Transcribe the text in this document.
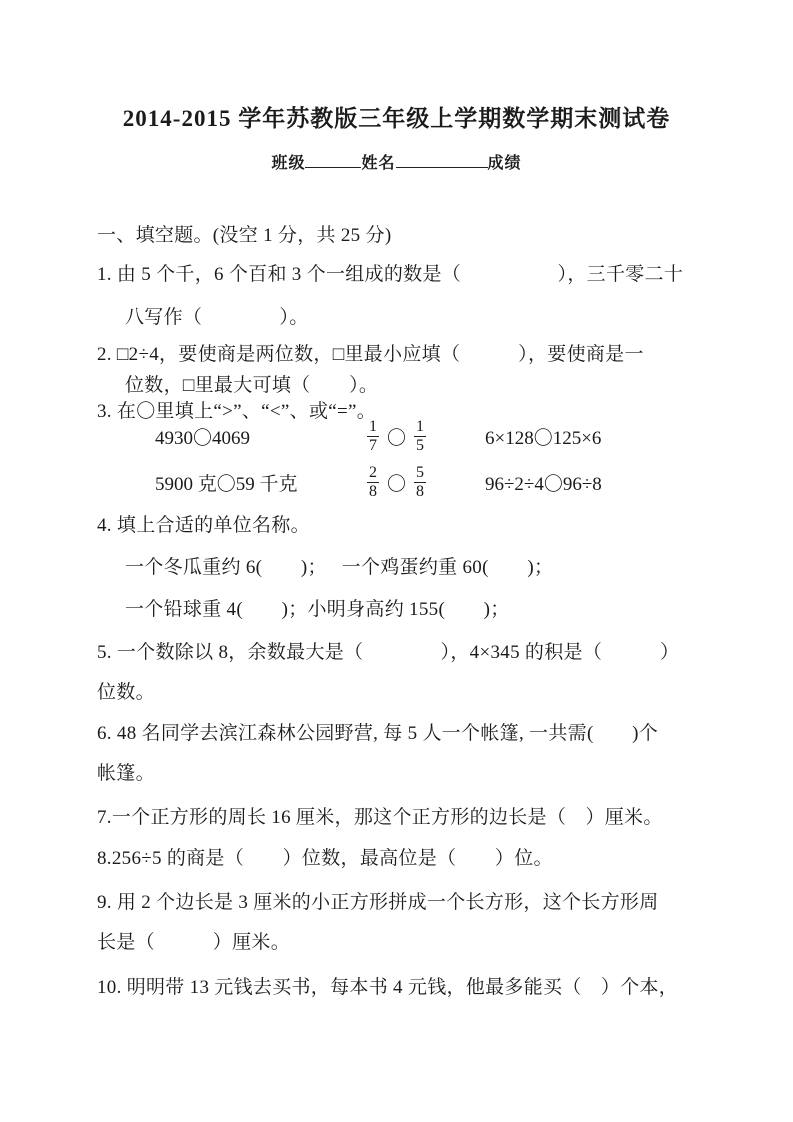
2014-2015 学年苏教版三年级上学期数学期末测试卷
班级	姓名	成绩
一、填空题。(没空 1 分，共 25 分)
1. 由 5 个千，6 个百和 3 个一组成的数是（　　　　　），三千零二十
八写作（　　　　）。
2. □2÷4，要使商是两位数，□里最小应填（　　　），要使商是一
位数，□里最大可填（　　）。
3. 在〇里填上“>”、“<”、或“=”。
4930〇4069	$\frac{1}{7}$ 〇 $\frac{1}{5}$	6×128〇125×6
5900 克〇59 千克	$\frac{2}{8}$ 〇 $\frac{5}{8}$	96÷2÷4〇96÷8
4. 填上合适的单位名称。
一个冬瓜重约 6(　　)；　 一个鸡蛋约重 60(　　)；
一个铅球重 4(　　)；小明身高约 155(　　)；
5. 一个数除以 8，余数最大是（　　　　），4×345 的积是（　　　）
位数。
6. 48 名同学去滨江森林公园野营, 每 5 人一个帐篷, 一共需(　　)个
帐篷。
7.一个正方形的周长 16 厘米，那这个正方形的边长是（　）厘米。
8.256÷5 的商是（　　）位数，最高位是（　　）位。
9. 用 2 个边长是 3 厘米的小正方形拼成一个长方形，这个长方形周
长是（　　　）厘米。
10. 明明带 13 元钱去买书，每本书 4 元钱，他最多能买（　）个本，
